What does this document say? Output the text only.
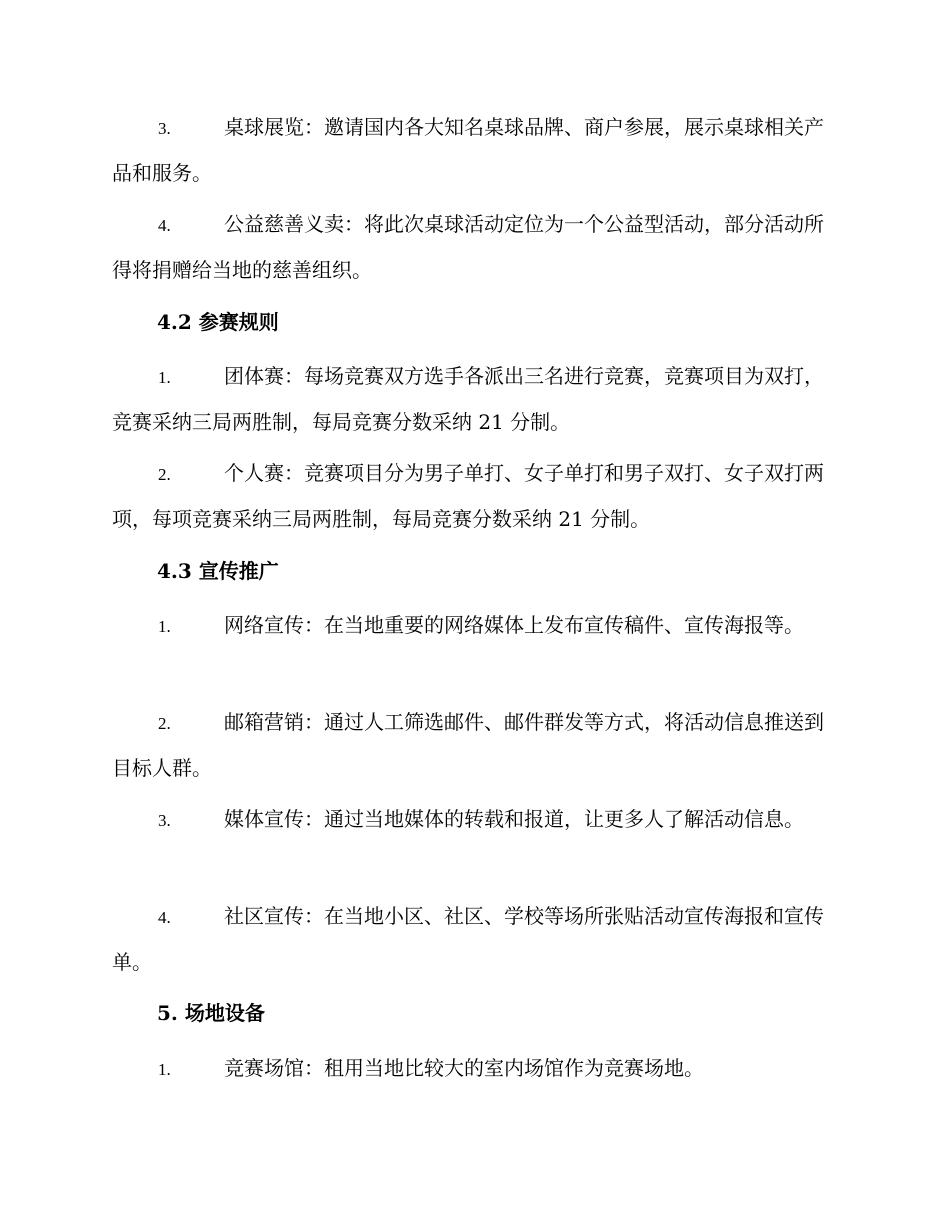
3.	桌球展览：邀请国内各大知名桌球品牌、商户参展，展示桌球相关产品和服务。
4.	公益慈善义卖：将此次桌球活动定位为一个公益型活动，部分活动所得将捐赠给当地的慈善组织。
4.2 参赛规则
1.	团体赛：每场竞赛双方选手各派出三名进行竞赛，竞赛项目为双打，竞赛采纳三局两胜制，每局竞赛分数采纳 21 分制。
2.	个人赛：竞赛项目分为男子单打、女子单打和男子双打、女子双打两项，每项竞赛采纳三局两胜制，每局竞赛分数采纳 21 分制。
4.3 宣传推广
1.	网络宣传：在当地重要的网络媒体上发布宣传稿件、宣传海报等。
2.	邮箱营销：通过人工筛选邮件、邮件群发等方式，将活动信息推送到目标人群。
3.	媒体宣传：通过当地媒体的转载和报道，让更多人了解活动信息。
4.	社区宣传：在当地小区、社区、学校等场所张贴活动宣传海报和宣传单。
5. 场地设备
1.	竞赛场馆：租用当地比较大的室内场馆作为竞赛场地。
